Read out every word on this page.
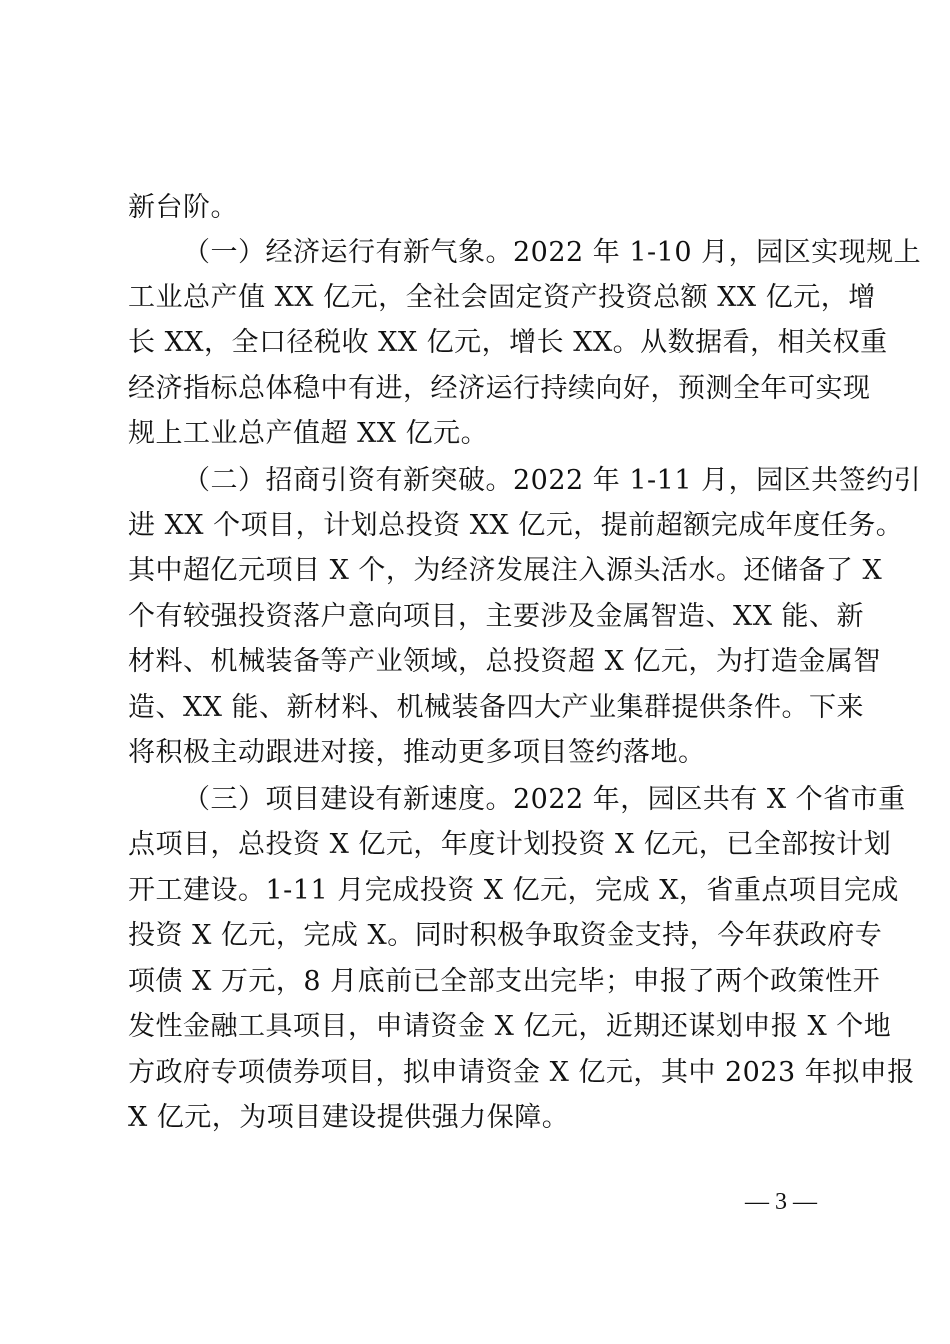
新台阶。
（一）经济运行有新气象。2022 年 1-10 月，园区实现规上
工业总产值 XX 亿元，全社会固定资产投资总额 XX 亿元，增
长 XX，全口径税收 XX 亿元，增长 XX。从数据看，相关权重
经济指标总体稳中有进，经济运行持续向好，预测全年可实现
规上工业总产值超 XX 亿元。
（二）招商引资有新突破。2022 年 1-11 月，园区共签约引
进 XX 个项目，计划总投资 XX 亿元，提前超额完成年度任务。
其中超亿元项目 X 个，为经济发展注入源头活水。还储备了 X
个有较强投资落户意向项目，主要涉及金属智造、XX 能、新
材料、机械装备等产业领域，总投资超 X 亿元，为打造金属智
造、XX 能、新材料、机械装备四大产业集群提供条件。下来
将积极主动跟进对接，推动更多项目签约落地。
（三）项目建设有新速度。2022 年，园区共有 X 个省市重
点项目，总投资 X 亿元，年度计划投资 X 亿元，已全部按计划
开工建设。1-11 月完成投资 X 亿元，完成 X，省重点项目完成
投资 X 亿元，完成 X。同时积极争取资金支持，今年获政府专
项债 X 万元，8 月底前已全部支出完毕；申报了两个政策性开
发性金融工具项目，申请资金 X 亿元，近期还谋划申报 X 个地
方政府专项债券项目，拟申请资金 X 亿元，其中 2023 年拟申报
X 亿元，为项目建设提供强力保障。
— 3 —
